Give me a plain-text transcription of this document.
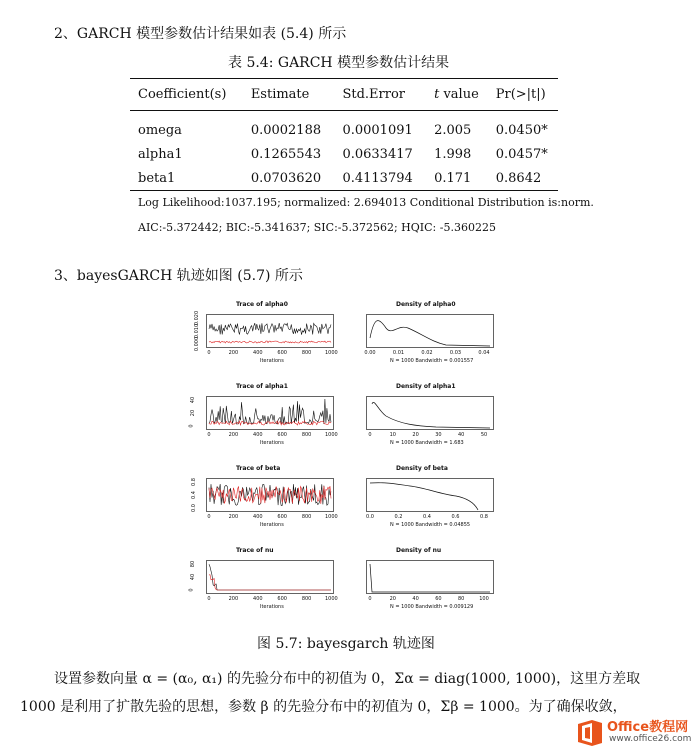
2、GARCH 模型参数估计结果如表 (5.4) 所示
表 5.4: GARCH 模型参数估计结果
Coefficient(s)	Estimate	Std.Error	t value	Pr(>|t|)
omega	0.0002188	0.0001091	2.005	0.0450*
alpha1	0.1265543	0.0633417	1.998	0.0457*
beta1	0.0703620	0.4113794	0.171	0.8642
Log Likelihood:1037.195; normalized: 2.694013 Conditional Distribution is:norm.
AIC:-5.372442; BIC:-5.341637; SIC:-5.372562; HQIC: -5.360225
3、bayesGARCH 轨迹如图 (5.7) 所示
Trace of alpha0
0.000
0.010
0.020
0	200	400	600	800	1000
Iterations
Density of alpha0
0.00	0.01	0.02	0.03	0.04
N = 1000 Bandwidth = 0.001557
Trace of alpha1
0
20
40
0	200	400	600	800	1000
Iterations
Density of alpha1
0	10	20	30	40	50
N = 1000 Bandwidth = 1.683
Trace of beta
0.0
0.4
0.8
0	200	400	600	800	1000
Iterations
Density of beta
0.0	0.2	0.4	0.6	0.8
N = 1000 Bandwidth = 0.04855
Trace of nu
0
40
80
0	200	400	600	800	1000
Iterations
Density of nu
0	20	40	60	80	100
N = 1000 Bandwidth = 0.009129
图 5.7: bayesgarch 轨迹图
设置参数向量 α = (α₀, α₁) 的先验分布中的初值为 0，Σα = diag(1000, 1000)，这里方差取
1000 是利用了扩散先验的思想，参数 β 的先验分布中的初值为 0，Σβ = 1000。为了确保收敛，
Office教程网
www.office26.com
